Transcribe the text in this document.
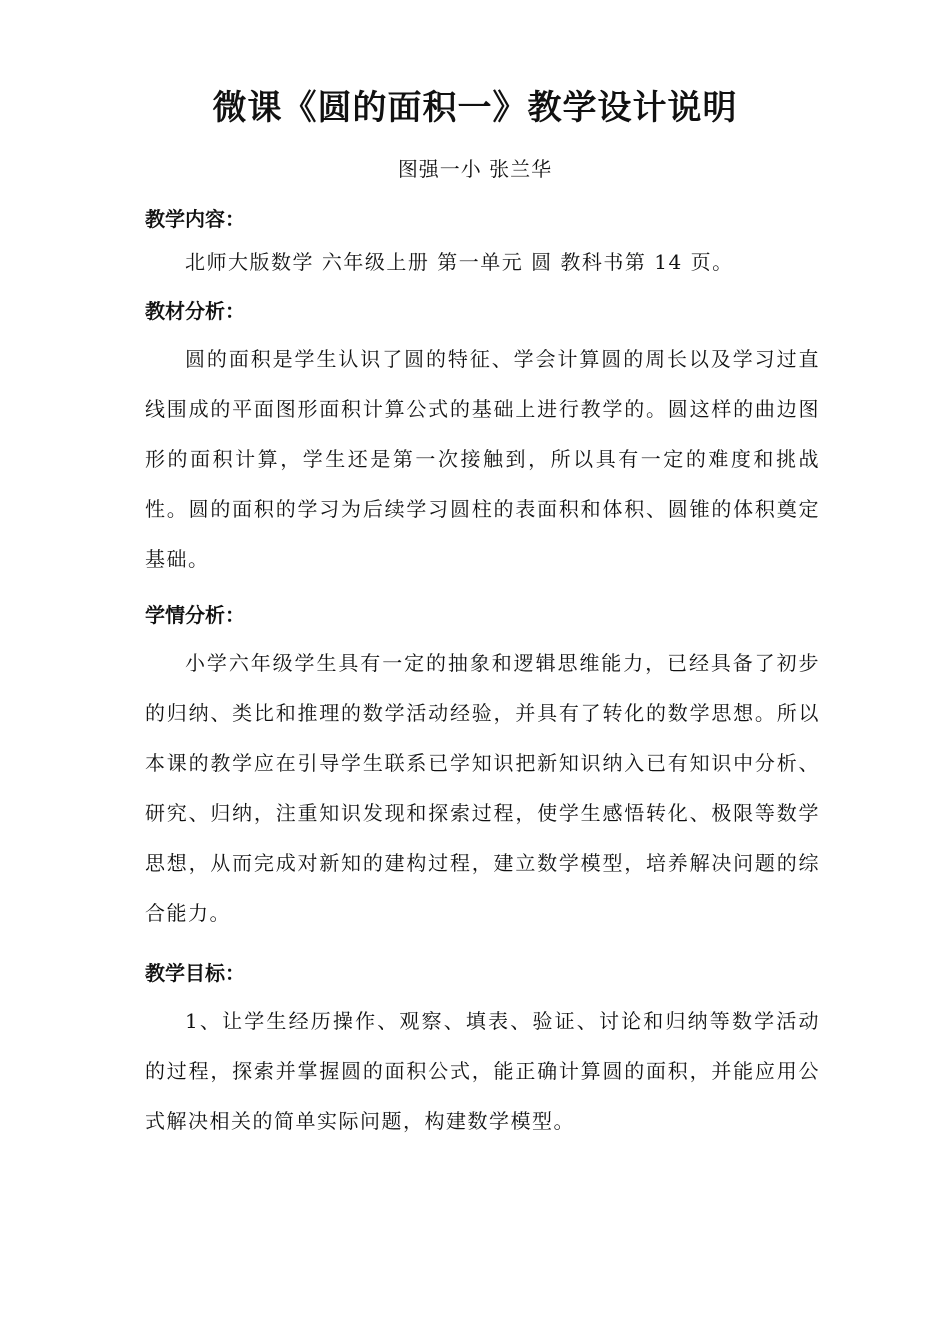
微课《圆的面积一》教学设计说明
图强一小 张兰华
教学内容：

北师大版数学 六年级上册 第一单元 圆 教科书第 14 页。

教材分析：

圆的面积是学生认识了圆的特征、学会计算圆的周长以及学习过直线围成的平面图形面积计算公式的基础上进行教学的。圆这样的曲边图形的面积计算，学生还是第一次接触到，所以具有一定的难度和挑战性。圆的面积的学习为后续学习圆柱的表面积和体积、圆锥的体积奠定基础。

学情分析：

小学六年级学生具有一定的抽象和逻辑思维能力，已经具备了初步的归纳、类比和推理的数学活动经验，并具有了转化的数学思想。所以本课的教学应在引导学生联系已学知识把新知识纳入已有知识中分析、研究、归纳，注重知识发现和探索过程，使学生感悟转化、极限等数学思想，从而完成对新知的建构过程，建立数学模型，培养解决问题的综合能力。

教学目标：

1、让学生经历操作、观察、填表、验证、讨论和归纳等数学活动的过程，探索并掌握圆的面积公式，能正确计算圆的面积，并能应用公式解决相关的简单实际问题，构建数学模型。
